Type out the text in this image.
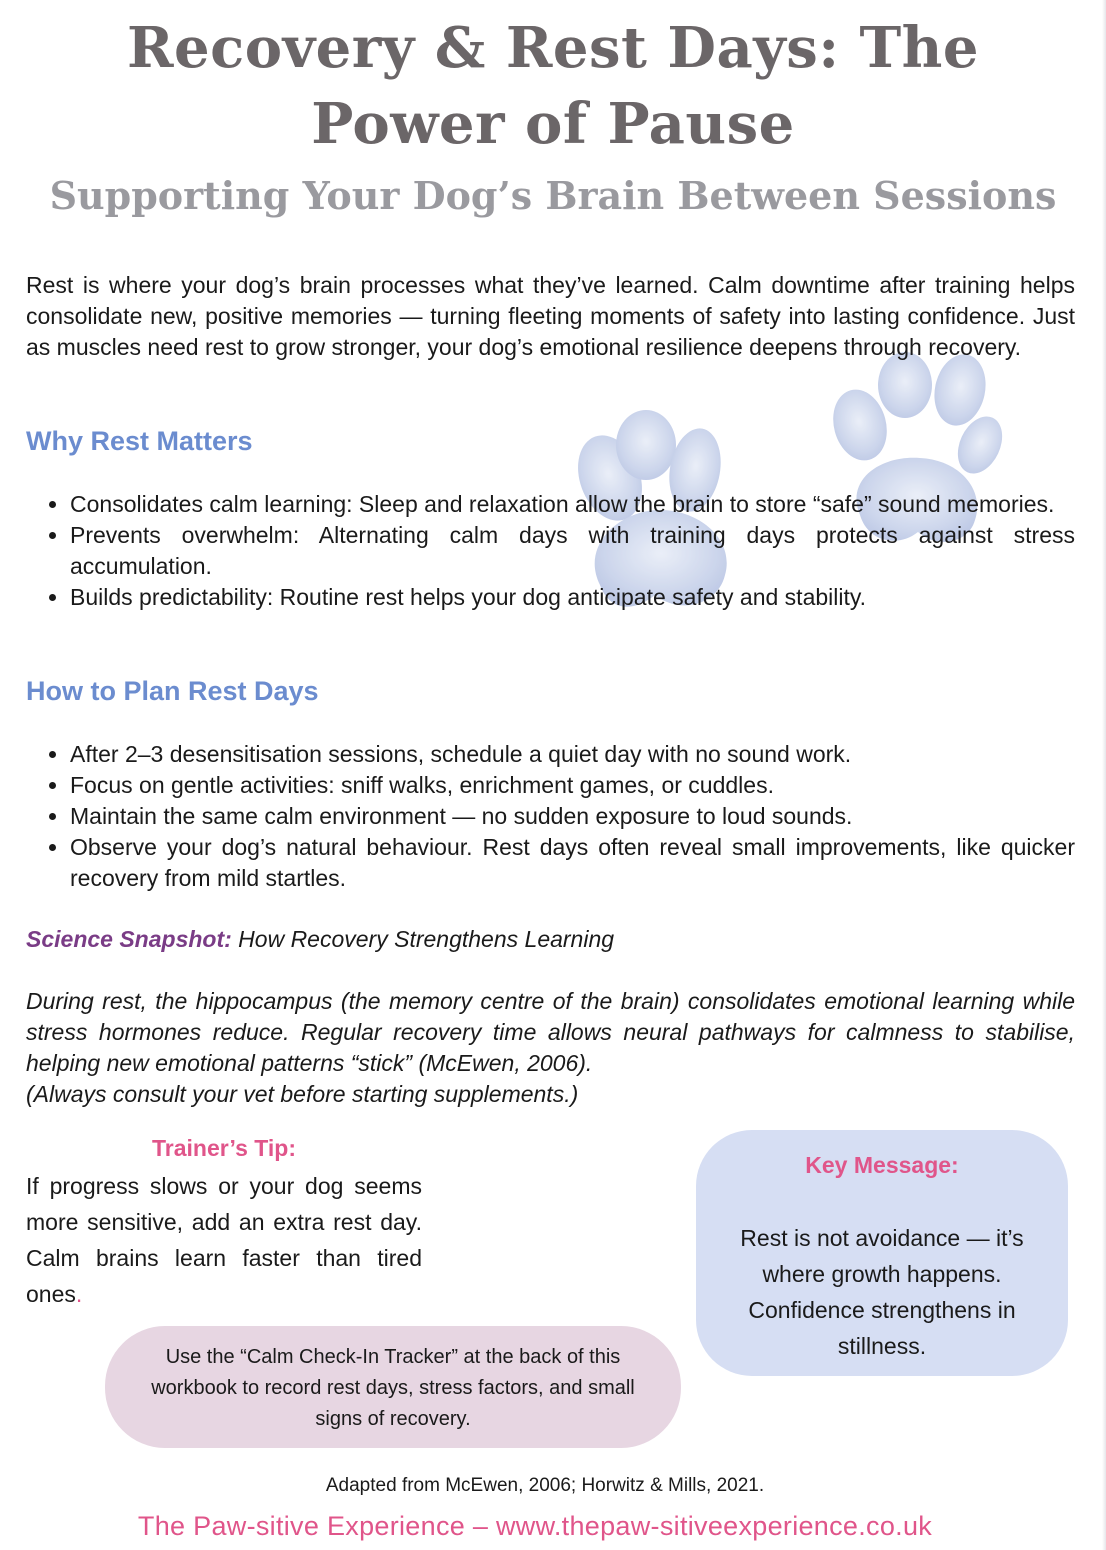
Recovery & Rest Days: The Power of Pause
Supporting Your Dog’s Brain Between Sessions

Rest is where your dog’s brain processes what they’ve learned. Calm downtime after training helps consolidate new, positive memories — turning fleeting moments of safety into lasting confidence. Just as muscles need rest to grow stronger, your dog’s emotional resilience deepens through recovery.

Why Rest Matters
• Consolidates calm learning: Sleep and relaxation allow the brain to store “safe” sound memories.
• Prevents overwhelm: Alternating calm days with training days protects against stress accumulation.
• Builds predictability: Routine rest helps your dog anticipate safety and stability.
How to Plan Rest Days
• After 2–3 desensitisation sessions, schedule a quiet day with no sound work.
• Focus on gentle activities: sniff walks, enrichment games, or cuddles.
• Maintain the same calm environment — no sudden exposure to loud sounds.
• Observe your dog’s natural behaviour. Rest days often reveal small improvements, like quicker recovery from mild startles.

Science Snapshot: How Recovery Strengthens Learning

During rest, the hippocampus (the memory centre of the brain) consolidates emotional learning while stress hormones reduce. Regular recovery time allows neural pathways for calmness to stabilise, helping new emotional patterns “stick” (McEwen, 2006).
(Always consult your vet before starting supplements.)

Trainer’s Tip:

If progress slows or your dog seems more sensitive, add an extra rest day. Calm brains learn faster than tired ones.

Key Message:
Rest is not avoidance — it’s where growth happens. Confidence strengthens in stillness.
Use the “Calm Check-In Tracker” at the back of this workbook to record rest days, stress factors, and small signs of recovery.

Adapted from McEwen, 2006; Horwitz & Mills, 2021.

The Paw-sitive Experience – www.thepaw-sitiveexperience.co.uk
